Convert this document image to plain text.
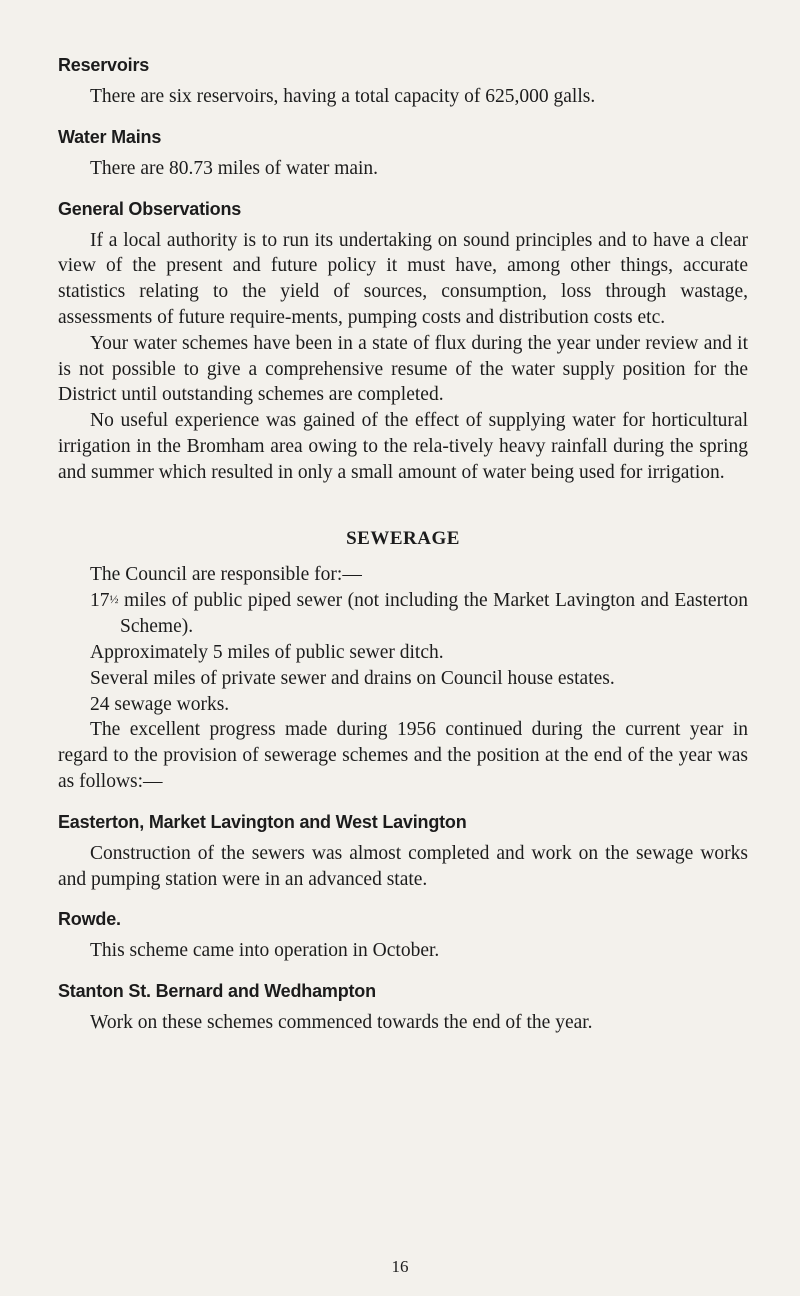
Reservoirs

There are six reservoirs, having a total capacity of 625,000 galls.

Water Mains

There are 80.73 miles of water main.

General Observations

If a local authority is to run its undertaking on sound principles and to have a clear view of the present and future policy it must have, among other things, accurate statistics relating to the yield of sources, consumption, loss through wastage, assessments of future require-ments, pumping costs and distribution costs etc.

Your water schemes have been in a state of flux during the year under review and it is not possible to give a comprehensive resume of the water supply position for the District until outstanding schemes are completed.

No useful experience was gained of the effect of supplying water for horticultural irrigation in the Bromham area owing to the rela-tively heavy rainfall during the spring and summer which resulted in only a small amount of water being used for irrigation.

SEWERAGE

The Council are responsible for:—

17½ miles of public piped sewer (not including the Market Lavington and Easterton Scheme).
Approximately 5 miles of public sewer ditch.
Several miles of private sewer and drains on Council house estates.
24 sewage works.

The excellent progress made during 1956 continued during the current year in regard to the provision of sewerage schemes and the position at the end of the year was as follows:—

Easterton, Market Lavington and West Lavington

Construction of the sewers was almost completed and work on the sewage works and pumping station were in an advanced state.

Rowde.

This scheme came into operation in October.

Stanton St. Bernard and Wedhampton

Work on these schemes commenced towards the end of the year.

16
